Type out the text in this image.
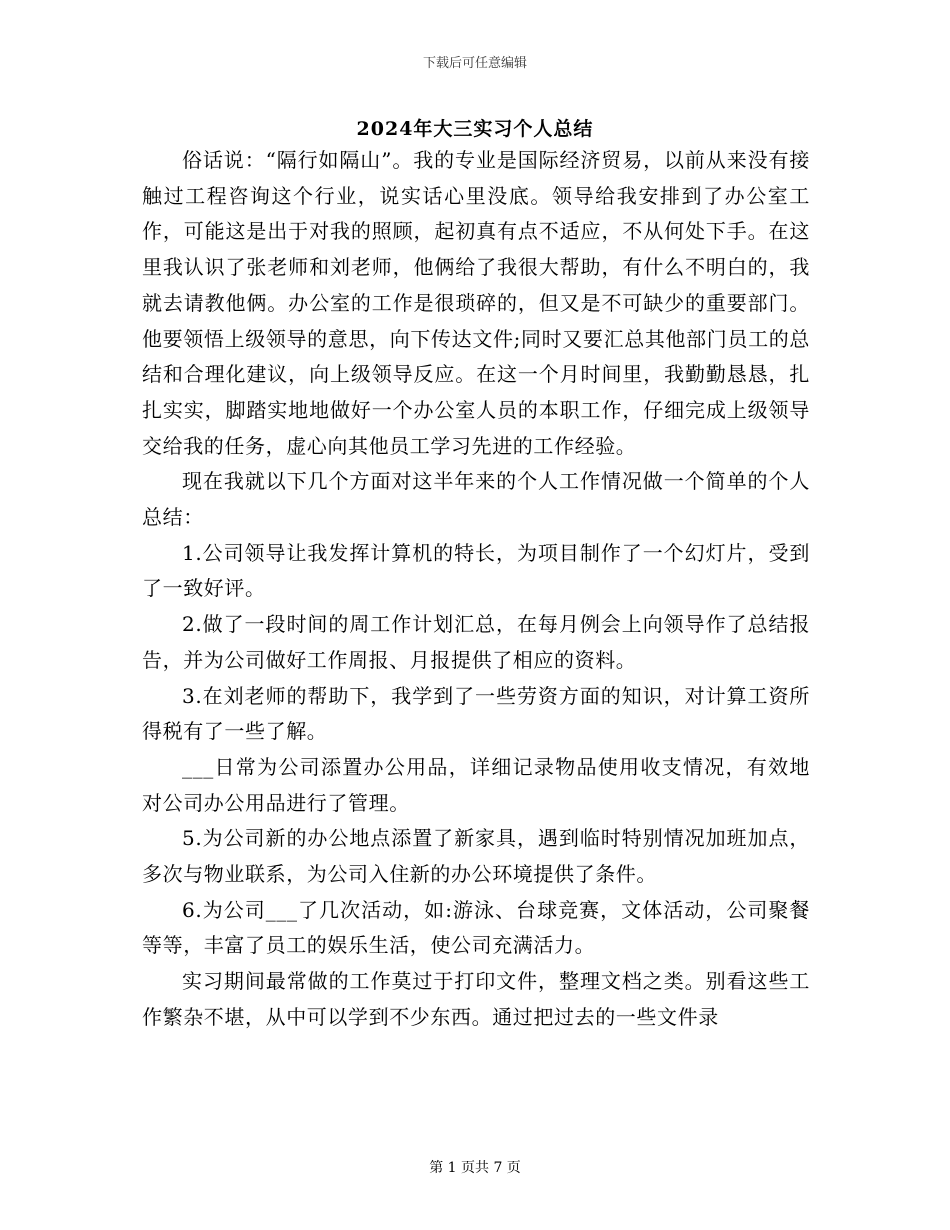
下载后可任意编辑
2024年大三实习个人总结

俗话说：“隔行如隔山”。我的专业是国际经济贸易，以前从来没有接触过工程咨询这个行业，说实话心里没底。领导给我安排到了办公室工作，可能这是出于对我的照顾，起初真有点不适应，不从何处下手。在这里我认识了张老师和刘老师，他俩给了我很大帮助，有什么不明白的，我就去请教他俩。办公室的工作是很琐碎的，但又是不可缺少的重要部门。他要领悟上级领导的意思，向下传达文件;同时又要汇总其他部门员工的总结和合理化建议，向上级领导反应。在这一个月时间里，我勤勤恳恳，扎扎实实，脚踏实地地做好一个办公室人员的本职工作，仔细完成上级领导交给我的任务，虚心向其他员工学习先进的工作经验。

现在我就以下几个方面对这半年来的个人工作情况做一个简单的个人总结：

1.公司领导让我发挥计算机的特长，为项目制作了一个幻灯片，受到了一致好评。

2.做了一段时间的周工作计划汇总，在每月例会上向领导作了总结报告，并为公司做好工作周报、月报提供了相应的资料。

3.在刘老师的帮助下，我学到了一些劳资方面的知识，对计算工资所得税有了一些了解。

___日常为公司添置办公用品，详细记录物品使用收支情况，有效地对公司办公用品进行了管理。

5.为公司新的办公地点添置了新家具，遇到临时特别情况加班加点，多次与物业联系，为公司入住新的办公环境提供了条件。

6.为公司___了几次活动，如:游泳、台球竞赛，文体活动，公司聚餐等等，丰富了员工的娱乐生活，使公司充满活力。

实习期间最常做的工作莫过于打印文件，整理文档之类。别看这些工作繁杂不堪，从中可以学到不少东西。通过把过去的一些文件录

第 1 页共 7 页
